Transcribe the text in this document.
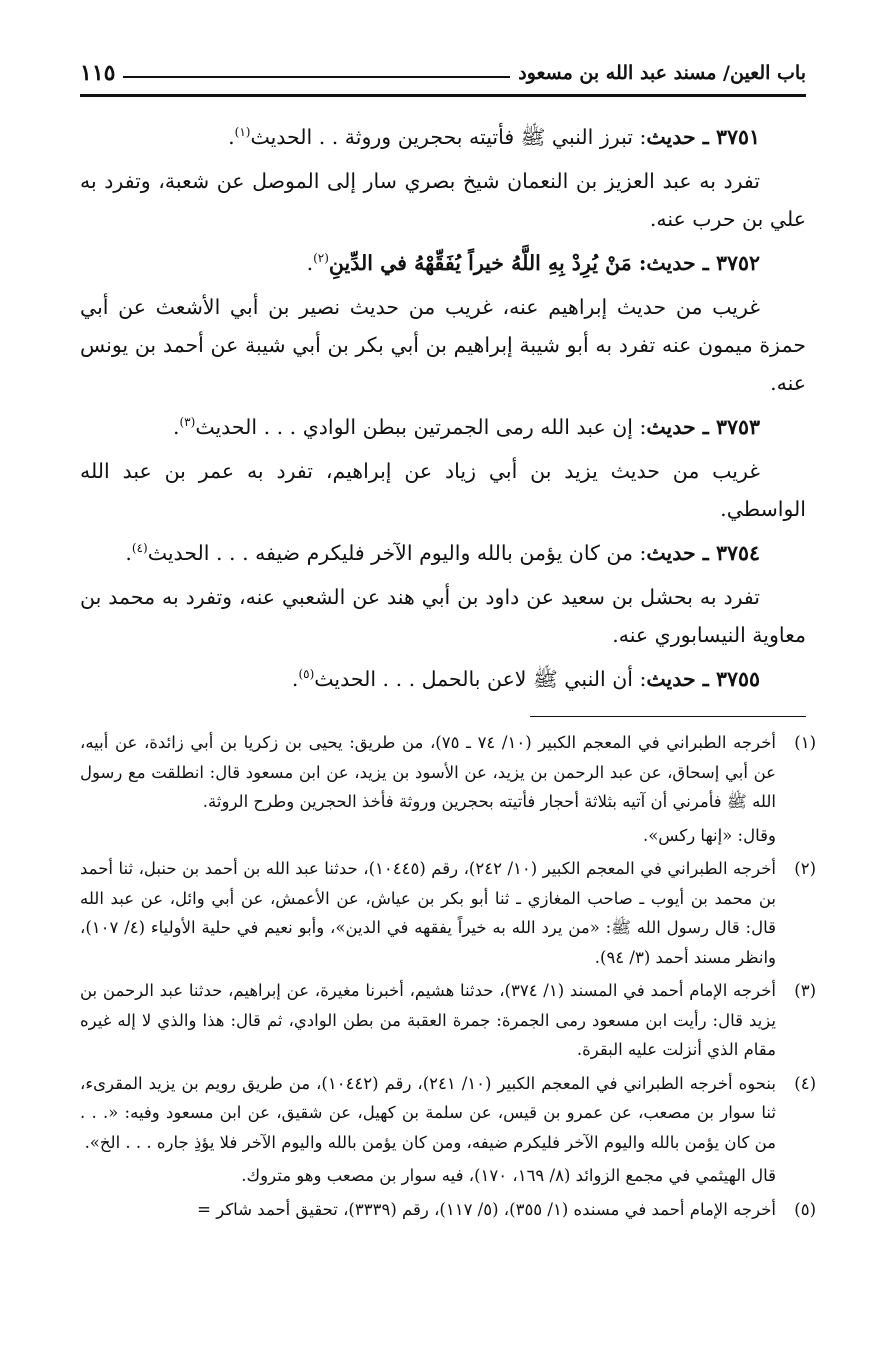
باب العين/ مسند عبد الله بن مسعود
١١٥

٣٧٥١ ـ حديث: تبرز النبي ﷺ فأتيته بحجرين وروثة . . الحديث$^{(١)}$.

تفرد به عبد العزيز بن النعمان شيخ بصري سار إلى الموصل عن شعبة، وتفرد به علي بن حرب عنه.

٣٧٥٢ ـ حديث: مَنْ يُرِدْ بِهِ اللَّهُ خيراً يُفَقِّهْهُ في الدِّينِ$^{(٢)}$.

غريب من حديث إبراهيم عنه، غريب من حديث نصير بن أبي الأشعث عن أبي حمزة ميمون عنه تفرد به أبو شيبة إبراهيم بن أبي بكر بن أبي شيبة عن أحمد بن يونس عنه.

٣٧٥٣ ـ حديث: إن عبد الله رمى الجمرتين ببطن الوادي . . . الحديث$^{(٣)}$.

غريب من حديث يزيد بن أبي زياد عن إبراهيم، تفرد به عمر بن عبد الله الواسطي.

٣٧٥٤ ـ حديث: من كان يؤمن بالله واليوم الآخر فليكرم ضيفه . . . الحديث$^{(٤)}$.

تفرد به بحشل بن سعيد عن داود بن أبي هند عن الشعبي عنه، وتفرد به محمد بن معاوية النيسابوري عنه.

٣٧٥٥ ـ حديث: أن النبي ﷺ لاعن بالحمل . . . الحديث$^{(٥)}$.

(١)
أخرجه الطبراني في المعجم الكبير (١٠/ ٧٤ ـ ٧٥)، من طريق: يحيى بن زكريا بن أبي زائدة، عن أبيه، عن أبي إسحاق، عن عبد الرحمن بن يزيد، عن الأسود بن يزيد، عن ابن مسعود قال: انطلقت مع رسول الله ﷺ فأمرني أن آتيه بثلاثة أحجار فأتيته بحجرين وروثة فأخذ الحجرين وطرح الروثة.
وقال: «إنها ركس».
(٢)
أخرجه الطبراني في المعجم الكبير (١٠/ ٢٤٢)، رقم (١٠٤٤٥)، حدثنا عبد الله بن أحمد بن حنبل، ثنا أحمد بن محمد بن أيوب ـ صاحب المغازي ـ ثنا أبو بكر بن عياش، عن الأعمش، عن أبي وائل، عن عبد الله قال: قال رسول الله ﷺ: «من يرد الله به خيراً يفقهه في الدين»، وأبو نعيم في حلية الأولياء (٤/ ١٠٧)، وانظر مسند أحمد (٣/ ٩٤).
(٣)
أخرجه الإمام أحمد في المسند (١/ ٣٧٤)، حدثنا هشيم، أخبرنا مغيرة، عن إبراهيم، حدثنا عبد الرحمن بن يزيد قال: رأيت ابن مسعود رمى الجمرة: جمرة العقبة من بطن الوادي، ثم قال: هذا والذي لا إله غيره مقام الذي أنزلت عليه البقرة.
(٤)
بنحوه أخرجه الطبراني في المعجم الكبير (١٠/ ٢٤١)، رقم (١٠٤٤٢)، من طريق رويم بن يزيد المقرىء، ثنا سوار بن مصعب، عن عمرو بن قيس، عن سلمة بن كهيل، عن شقيق، عن ابن مسعود وفيه: «. . . من كان يؤمن بالله واليوم الآخر فليكرم ضيفه، ومن كان يؤمن بالله واليوم الآخر فلا يؤذِ جاره . . . الخ».
قال الهيثمي في مجمع الزوائد (٨/ ١٦٩، ١٧٠)، فيه سوار بن مصعب وهو متروك.
(٥)
أخرجه الإمام أحمد في مسنده (١/ ٣٥٥)، (٥/ ١١٧)، رقم (٣٣٣٩)، تحقيق أحمد شاكر =
